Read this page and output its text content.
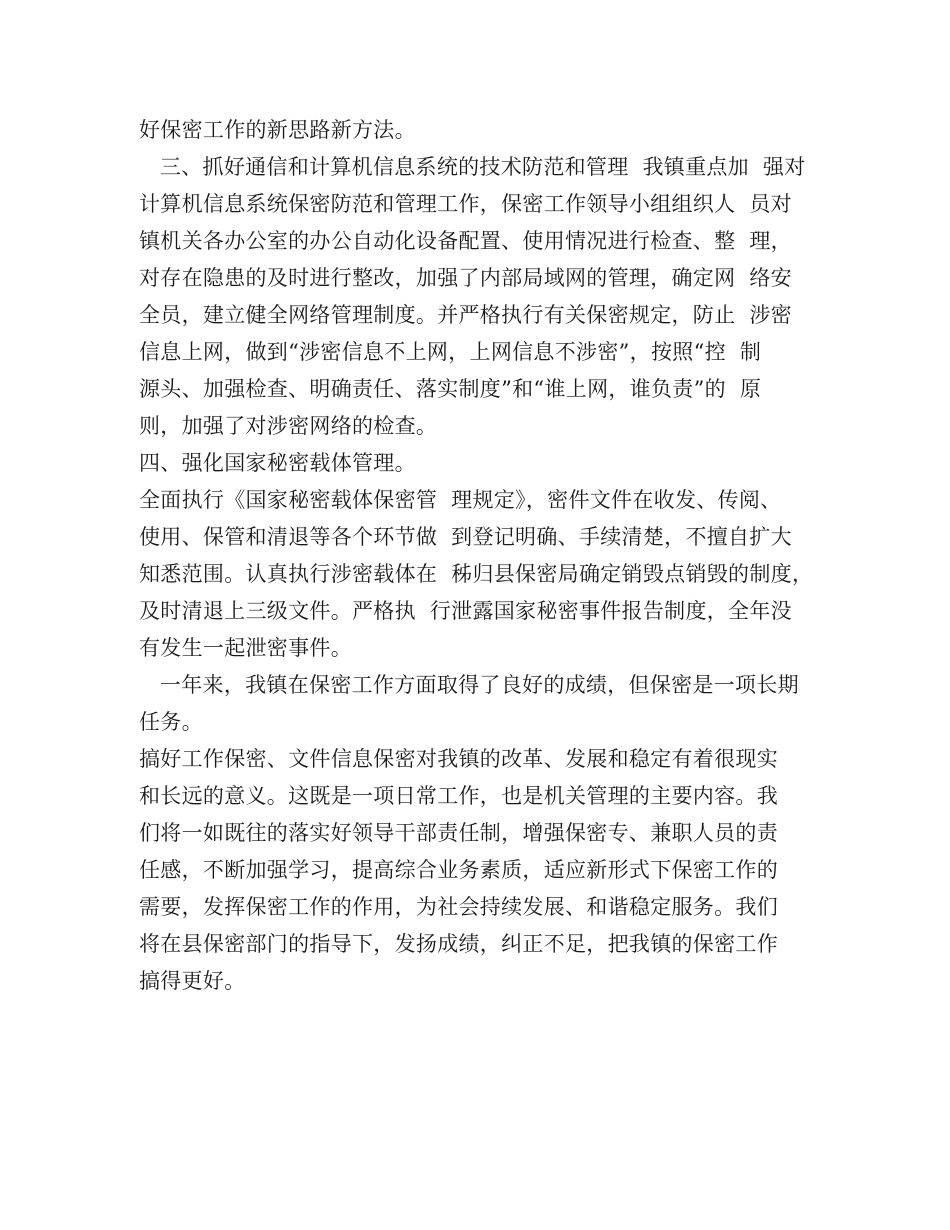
好保密工作的新思路新方法。
三、抓好通信和计算机信息系统的技术防范和管理  我镇重点加  强对
计算机信息系统保密防范和管理工作，保密工作领导小组组织人  员对
镇机关各办公室的办公自动化设备配置、使用情况进行检查、整  理，
对存在隐患的及时进行整改，加强了内部局域网的管理，确定网  络安
全员，建立健全网络管理制度。并严格执行有关保密规定，防止  涉密
信息上网，做到“涉密信息不上网，上网信息不涉密”，按照“控  制
源头、加强检查、明确责任、落实制度”和“谁上网，谁负责”的  原
则，加强了对涉密网络的检查。
四、强化国家秘密载体管理。
全面执行《国家秘密载体保密管  理规定》，密件文件在收发、传阅、
使用、保管和清退等各个环节做  到登记明确、手续清楚，不擅自扩大
知悉范围。认真执行涉密载体在  秭归县保密局确定销毁点销毁的制度，
及时清退上三级文件。严格执  行泄露国家秘密事件报告制度，全年没
有发生一起泄密事件。
一年来，我镇在保密工作方面取得了良好的成绩，但保密是一项长期
任务。
搞好工作保密、文件信息保密对我镇的改革、发展和稳定有着很现实
和长远的意义。这既是一项日常工作，也是机关管理的主要内容。我
们将一如既往的落实好领导干部责任制，增强保密专、兼职人员的责
任感，不断加强学习，提高综合业务素质，适应新形式下保密工作的
需要，发挥保密工作的作用，为社会持续发展、和谐稳定服务。我们
将在县保密部门的指导下，发扬成绩，纠正不足，把我镇的保密工作
搞得更好。
